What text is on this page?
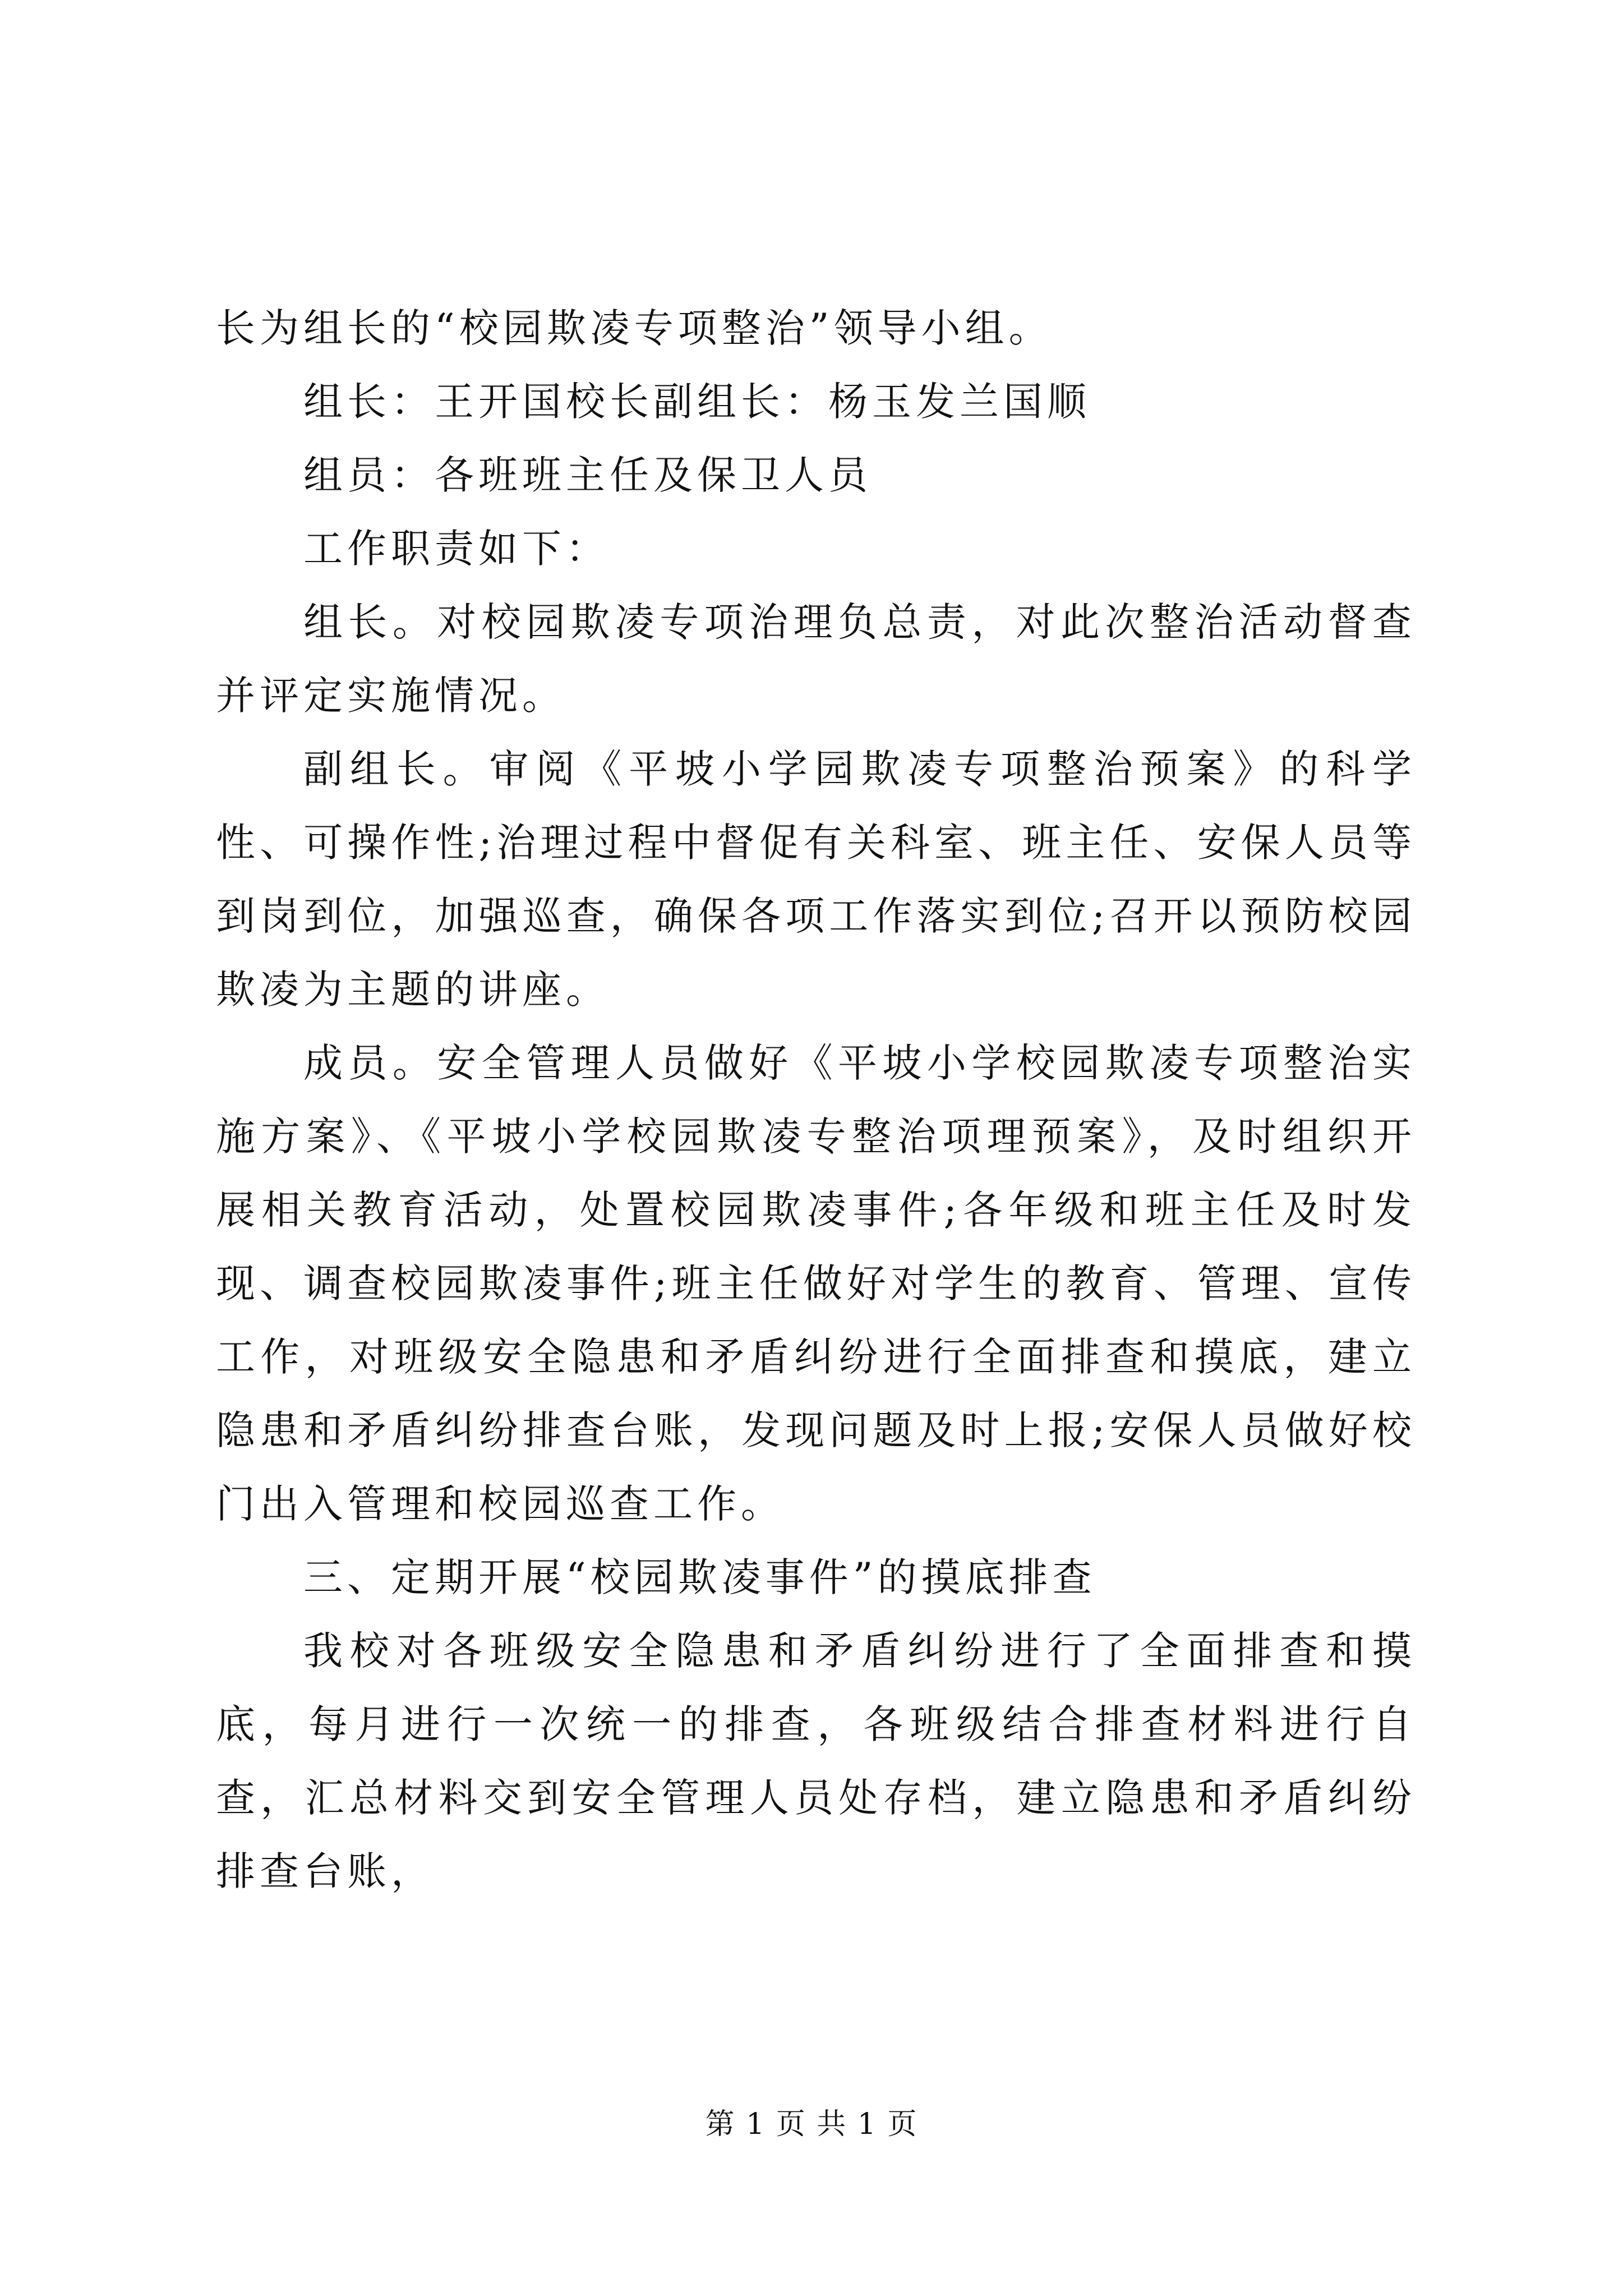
长为组长的“校园欺凌专项整治”领导小组。

组长：王开国校长副组长：杨玉发兰国顺

组员：各班班主任及保卫人员

工作职责如下：

组长。对校园欺凌专项治理负总责，对此次整治活动督查并评定实施情况。

副组长。审阅《平坡小学园欺凌专项整治预案》的科学性、可操作性;治理过程中督促有关科室、班主任、安保人员等到岗到位，加强巡查，确保各项工作落实到位;召开以预防校园欺凌为主题的讲座。

成员。安全管理人员做好《平坡小学校园欺凌专项整治实施方案》、《平坡小学校园欺凌专整治项理预案》，及时组织开展相关教育活动，处置校园欺凌事件;各年级和班主任及时发现、调查校园欺凌事件;班主任做好对学生的教育、管理、宣传工作，对班级安全隐患和矛盾纠纷进行全面排查和摸底，建立隐患和矛盾纠纷排查台账，发现问题及时上报;安保人员做好校门出入管理和校园巡查工作。

三、定期开展“校园欺凌事件”的摸底排查

我校对各班级安全隐患和矛盾纠纷进行了全面排查和摸底，每月进行一次统一的排查，各班级结合排查材料进行自查，汇总材料交到安全管理人员处存档，建立隐患和矛盾纠纷排查台账，

第 1 页 共 1 页
